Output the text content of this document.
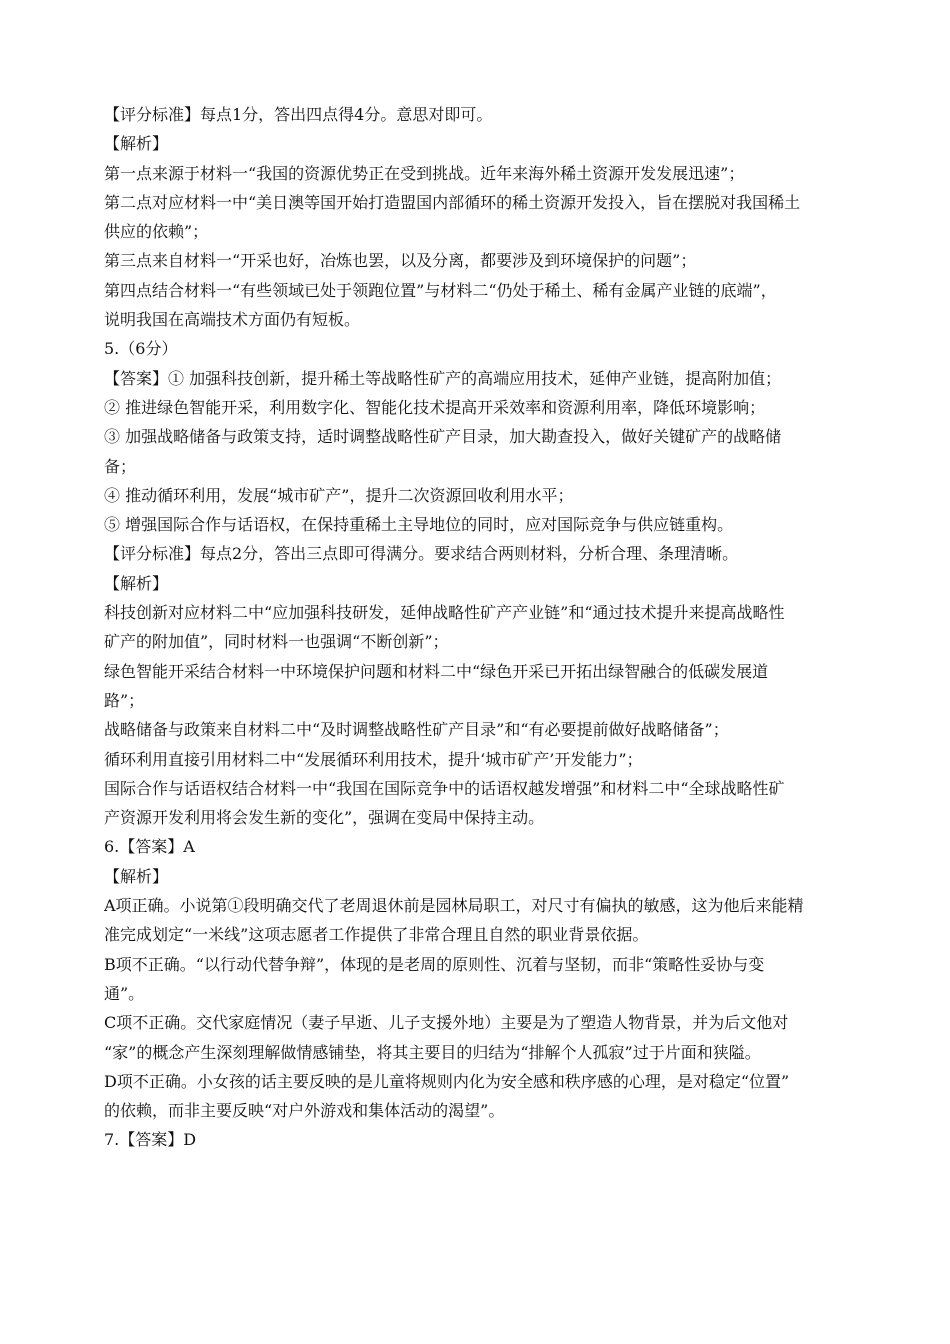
【评分标准】每点1分，答出四点得4分。意思对即可。
【解析】
第一点来源于材料一“我国的资源优势正在受到挑战。近年来海外稀土资源开发发展迅速”；
第二点对应材料一中“美日澳等国开始打造盟国内部循环的稀土资源开发投入，旨在摆脱对我国稀土
供应的依赖”；
第三点来自材料一“开采也好，冶炼也罢，以及分离，都要涉及到环境保护的问题”；
第四点结合材料一“有些领域已处于领跑位置”与材料二“仍处于稀土、稀有金属产业链的底端”，
说明我国在高端技术方面仍有短板。
5.（6分）
【答案】① 加强科技创新，提升稀土等战略性矿产的高端应用技术，延伸产业链，提高附加值；
② 推进绿色智能开采，利用数字化、智能化技术提高开采效率和资源利用率，降低环境影响；
③ 加强战略储备与政策支持，适时调整战略性矿产目录，加大勘查投入，做好关键矿产的战略储
备；
④ 推动循环利用，发展“城市矿产”，提升二次资源回收利用水平；
⑤ 增强国际合作与话语权，在保持重稀土主导地位的同时，应对国际竞争与供应链重构。
【评分标准】每点2分，答出三点即可得满分。要求结合两则材料，分析合理、条理清晰。
【解析】
科技创新对应材料二中“应加强科技研发，延伸战略性矿产产业链”和“通过技术提升来提高战略性
矿产的附加值”，同时材料一也强调“不断创新”；
绿色智能开采结合材料一中环境保护问题和材料二中“绿色开采已开拓出绿智融合的低碳发展道
路”；
战略储备与政策来自材料二中“及时调整战略性矿产目录”和“有必要提前做好战略储备”；
循环利用直接引用材料二中“发展循环利用技术，提升‘城市矿产’开发能力”；
国际合作与话语权结合材料一中“我国在国际竞争中的话语权越发增强”和材料二中“全球战略性矿
产资源开发利用将会发生新的变化”，强调在变局中保持主动。
6.【答案】A
【解析】
A项正确。小说第①段明确交代了老周退休前是园林局职工，对尺寸有偏执的敏感，这为他后来能精
准完成划定“一米线”这项志愿者工作提供了非常合理且自然的职业背景依据。
B项不正确。“以行动代替争辩”，体现的是老周的原则性、沉着与坚韧，而非“策略性妥协与变
通”。
C项不正确。交代家庭情况（妻子早逝、儿子支援外地）主要是为了塑造人物背景，并为后文他对
“家”的概念产生深刻理解做情感铺垫，将其主要目的归结为“排解个人孤寂”过于片面和狭隘。
D项不正确。小女孩的话主要反映的是儿童将规则内化为安全感和秩序感的心理，是对稳定“位置”
的依赖，而非主要反映“对户外游戏和集体活动的渴望”。
7.【答案】D
